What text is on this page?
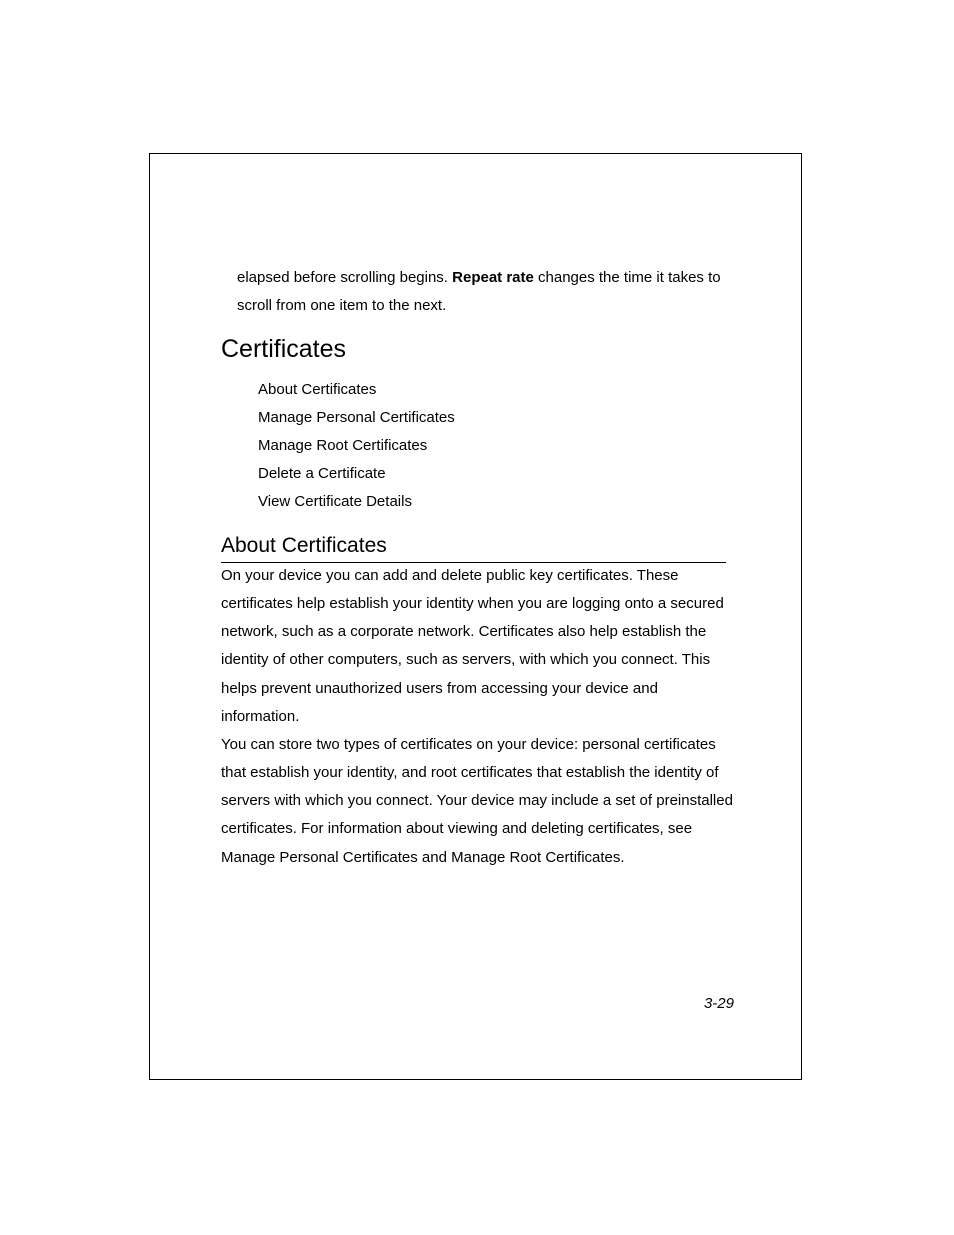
elapsed before scrolling begins. Repeat rate changes the time it takes to scroll from one item to the next.

Certificates
About Certificates
Manage Personal Certificates
Manage Root Certificates
Delete a Certificate
View Certificate Details
About Certificates

On your device you can add and delete public key certificates. These certificates help establish your identity when you are logging onto a secured network, such as a corporate network. Certificates also help establish the identity of other computers, such as servers, with which you connect. This helps prevent unauthorized users from accessing your device and information.

You can store two types of certificates on your device: personal certificates that establish your identity, and root certificates that establish the identity of servers with which you connect. Your device may include a set of preinstalled certificates. For information about viewing and deleting certificates, see Manage Personal Certificates and Manage Root Certificates.

3-29
